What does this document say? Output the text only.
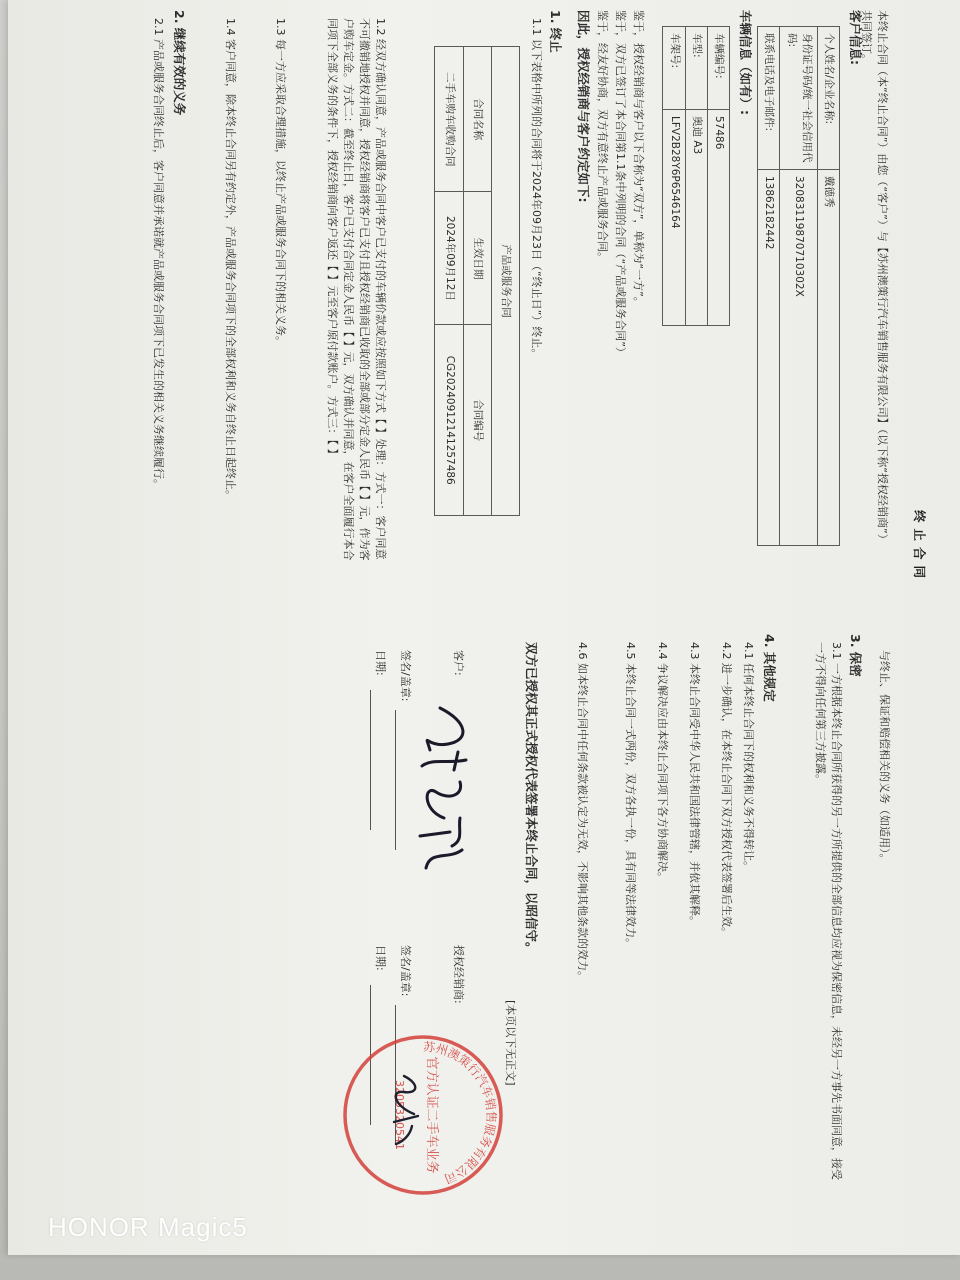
终止合同
本终止合同（本“终止合同”）由您（“客户”）与【苏州澳策行汽车销售服务有限公司】（以下称“授权经销商”）共同签订。
客户信息:
个人姓名/企业名称:	戴德秀
身份证号码/统一社会信用代码:	32083119870710302X
联系电话及电子邮件:	13862182442
车辆信息（如有）:
车辆编号:	57486
车型:	奥迪 A3
车架号:	LFV2B28Y6P6546164
鉴于，授权经销商与客户以下合称为“双方”，单称为“一方”。
鉴于，双方已签订了本合同第1.1条中列明的合同（“产品或服务合同”）
鉴于，经友好协商，双方有意终止产品或服务合同。
因此，授权经销商与客户约定如下:
1. 终止
1.1 以下表格中所列的合同将于2024年09月23日（“终止日”）终止。
产品或服务合同		
合同名称	生效日期	合同编号
二手车购车收购合同	2024年09月12日	CG20240912141257486
1.2 经双方确认同意，产品或服务合同中客户已支付的车辆价款或应按照如下方式【 】处理：方式一：客户同意不可撤销地授权并同意，授权经销商将客户已支付且授权经销商已收取的全部或部分定金人民币【 】元，作为客户购车定金。方式二：截至终止日，客户已支付合同定金人民币【 】元，双方确认并同意，在客户全面履行本合同项下全部义务的条件下，授权经销商向客户返还【 】元至客户原付款账户。方式三：【 】
1.3 每一方应采取合理措施，以终止产品或服务合同下的相关义务。
1.4 客户同意，除本终止合同另有约定外，产品或服务合同项下的全部权利和义务自终止日起终止。
2. 继续有效的义务
2.1 产品或服务合同终止后，客户同意并承诺就产品或服务合同项下已发生的相关义务继续履行。
与终止、保证和赔偿相关的义务（如适用）。
3. 保密
3.1 一方根据本终止合同所获得的另一方所提供的全部信息均应视为保密信息，未经另一方事先书面同意，接受一方不得向任何第三方披露。
4. 其他规定
4.1 任何本终止合同下的权利和义务不得转让。
4.2 进一步确认，在本终止合同下双方授权代表签署后生效。
4.3 本终止合同受中华人民共和国法律管辖，并依其解释。
4.4 争议解决应由本终止合同项下各方协商解决。
4.5 本终止合同一式两份，双方各执一份，具有同等法律效力。
4.6 如本终止合同中任何条款被认定为无效，不影响其他条款的效力。
双方已授权其正式授权代表签署本终止合同，以昭信守。
[本页以下无正文]
客户:
签名/盖章:
日期:
授权经销商:
签名/盖章:
日期:
苏州澳策行汽车销售服务有限公司
官方认证二手车业务
3205320541
HONOR Magic5
